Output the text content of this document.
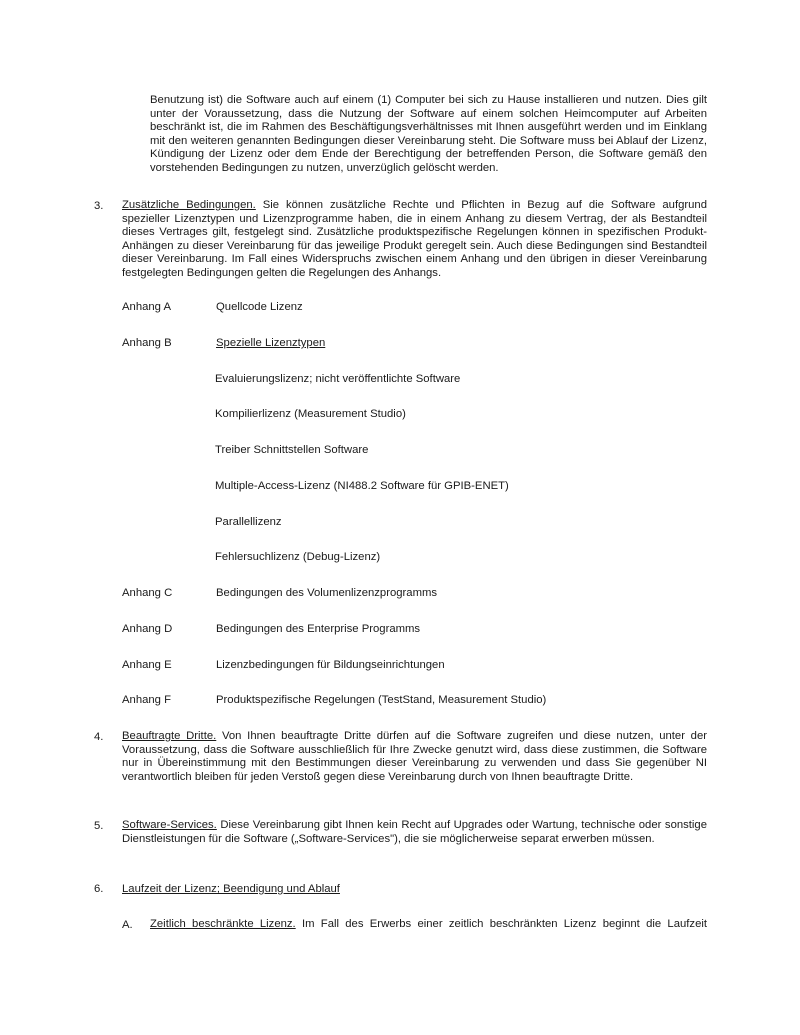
Benutzung ist) die Software auch auf einem (1) Computer bei sich zu Hause installieren und nutzen. Dies gilt unter der Voraussetzung, dass die Nutzung der Software auf einem solchen Heimcomputer auf Arbeiten beschränkt ist, die im Rahmen des Beschäftigungsverhältnisses mit Ihnen ausgeführt werden und im Einklang mit den weiteren genannten Bedingungen dieser Vereinbarung steht. Die Software muss bei Ablauf der Lizenz, Kündigung der Lizenz oder dem Ende der Berechtigung der betreffenden Person, die Software gemäß den vorstehenden Bedingungen zu nutzen, unverzüglich gelöscht werden.

3. Zusätzliche Bedingungen. Sie können zusätzliche Rechte und Pflichten in Bezug auf die Software aufgrund spezieller Lizenztypen und Lizenzprogramme haben, die in einem Anhang zu diesem Vertrag, der als Bestandteil dieses Vertrages gilt, festgelegt sind. Zusätzliche produktspezifische Regelungen können in spezifischen Produkt-Anhängen zu dieser Vereinbarung für das jeweilige Produkt geregelt sein. Auch diese Bedingungen sind Bestandteil dieser Vereinbarung. Im Fall eines Widerspruchs zwischen einem Anhang und den übrigen in dieser Vereinbarung festgelegten Bedingungen gelten die Regelungen des Anhangs.

Anhang A	Quellcode Lizenz
Anhang B	Spezielle Lizenztypen
Evaluierungslizenz; nicht veröffentlichte Software
Kompilierlizenz (Measurement Studio)
Treiber Schnittstellen Software
Multiple-Access-Lizenz (NI488.2 Software für GPIB-ENET)
Parallellizenz
Fehlersuchlizenz (Debug-Lizenz)
Anhang C	Bedingungen des Volumenlizenzprogramms
Anhang D	Bedingungen des Enterprise Programms
Anhang E	Lizenzbedingungen für Bildungseinrichtungen
Anhang F	Produktspezifische Regelungen (TestStand, Measurement Studio)
4. Beauftragte Dritte. Von Ihnen beauftragte Dritte dürfen auf die Software zugreifen und diese nutzen, unter der Voraussetzung, dass die Software ausschließlich für Ihre Zwecke genutzt wird, dass diese zustimmen, die Software nur in Übereinstimmung mit den Bestimmungen dieser Vereinbarung zu verwenden und dass Sie gegenüber NI verantwortlich bleiben für jeden Verstoß gegen diese Vereinbarung durch von Ihnen beauftragte Dritte.

5. Software-Services. Diese Vereinbarung gibt Ihnen kein Recht auf Upgrades oder Wartung, technische oder sonstige Dienstleistungen für die Software („Software-Services"), die sie möglicherweise separat erwerben müssen.

6. Laufzeit der Lizenz; Beendigung und Ablauf
A. Zeitlich beschränkte Lizenz. Im Fall des Erwerbs einer zeitlich beschränkten Lizenz beginnt die Laufzeit
